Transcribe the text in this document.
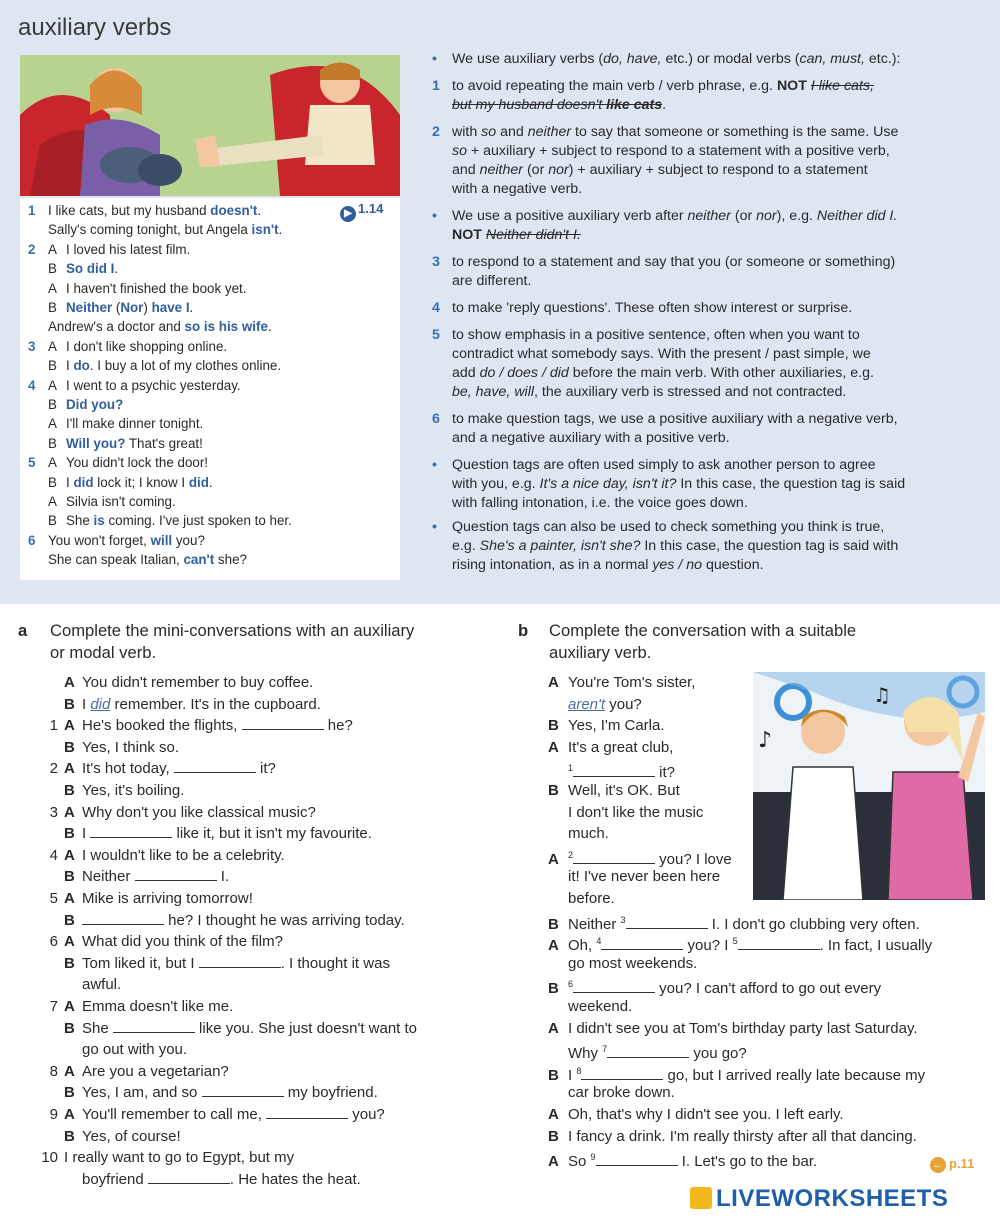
auxiliary verbs
1 I like cats, but my husband doesn't.
Sally's coming tonight, but Angela isn't.
2 A I loved his latest film.
B So did I.
A I haven't finished the book yet.
B Neither (Nor) have I.
Andrew's a doctor and so is his wife.
3 A I don't like shopping online.
B I do. I buy a lot of my clothes online.
4 A I went to a psychic yesterday.
B Did you?
A I'll make dinner tonight.
B Will you? That's great!
5 A You didn't lock the door!
B I did lock it; I know I did.
A Silvia isn't coming.
B She is coming. I've just spoken to her.
6 You won't forget, will you?
She can speak Italian, can't she?
▶ 1.14
• We use auxiliary verbs (do, have, etc.) or modal verbs (can, must, etc.):
1 to avoid repeating the main verb / verb phrase, e.g. NOT I like cats,
but my husband doesn't like cats.
2 with so and neither to say that someone or something is the same. Use
so + auxiliary + subject to respond to a statement with a positive verb,
and neither (or nor) + auxiliary + subject to respond to a statement
with a negative verb.
• We use a positive auxiliary verb after neither (or nor), e.g. Neither did I.
NOT Neither didn't I.
3 to respond to a statement and say that you (or someone or something)
are different.
4 to make 'reply questions'. These often show interest or surprise.
5 to show emphasis in a positive sentence, often when you want to
contradict what somebody says. With the present / past simple, we
add do / does / did before the main verb. With other auxiliaries, e.g.
be, have, will, the auxiliary verb is stressed and not contracted.
6 to make question tags, we use a positive auxiliary with a negative verb,
and a negative auxiliary with a positive verb.
• Question tags are often used simply to ask another person to agree
with you, e.g. It's a nice day, isn't it? In this case, the question tag is said
with falling intonation, i.e. the voice goes down.
• Question tags can also be used to check something you think is true,
e.g. She's a painter, isn't she? In this case, the question tag is said with
rising intonation, as in a normal yes / no question.
a Complete the mini-conversations with an auxiliary
or modal verb.
b Complete the conversation with a suitable
auxiliary verb.
A You didn't remember to buy coffee.
B I did remember. It's in the cupboard.
1 A He's booked the flights,	he?
B Yes, I think so.
2 A It's hot today,	it?
B Yes, it's boiling.
3 A Why don't you like classical music?
B I	like it, but it isn't my favourite.
4 A I wouldn't like to be a celebrity.
B Neither	I.
5 A Mike is arriving tomorrow!
B	he? I thought he was arriving today.
6 A What did you think of the film?
B Tom liked it, but I	. I thought it was
awful.
7 A Emma doesn't like me.
B She	like you. She just doesn't want to
go out with you.
8 A Are you a vegetarian?
B Yes, I am, and so	my boyfriend.
9 A You'll remember to call me,	you?
B Yes, of course!
10 I really want to go to Egypt, but my
boyfriend	. He hates the heat.
A You're Tom's sister,
aren't you?
B Yes, I'm Carla.
A It's a great club,
$^1$	it?
B Well, it's OK. But
I don't like the music
much.
A $^2$	you? I love
it! I've never been here
before.
B Neither $^3$	I. I don't go clubbing very often.
A Oh, $^4$	you? I $^5$	. In fact, I usually
go most weekends.
B $^6$	you? I can't afford to go out every
weekend.
A I didn't see you at Tom's birthday party last Saturday.
Why $^7$	you go?
B I $^8$	go, but I arrived really late because my
car broke down.
A Oh, that's why I didn't see you. I left early.
B I fancy a drink. I'm really thirsty after all that dancing.
A So $^9$	I. Let's go to the bar.
♪
♫
← p.11
LIVEWORKSHEETS
